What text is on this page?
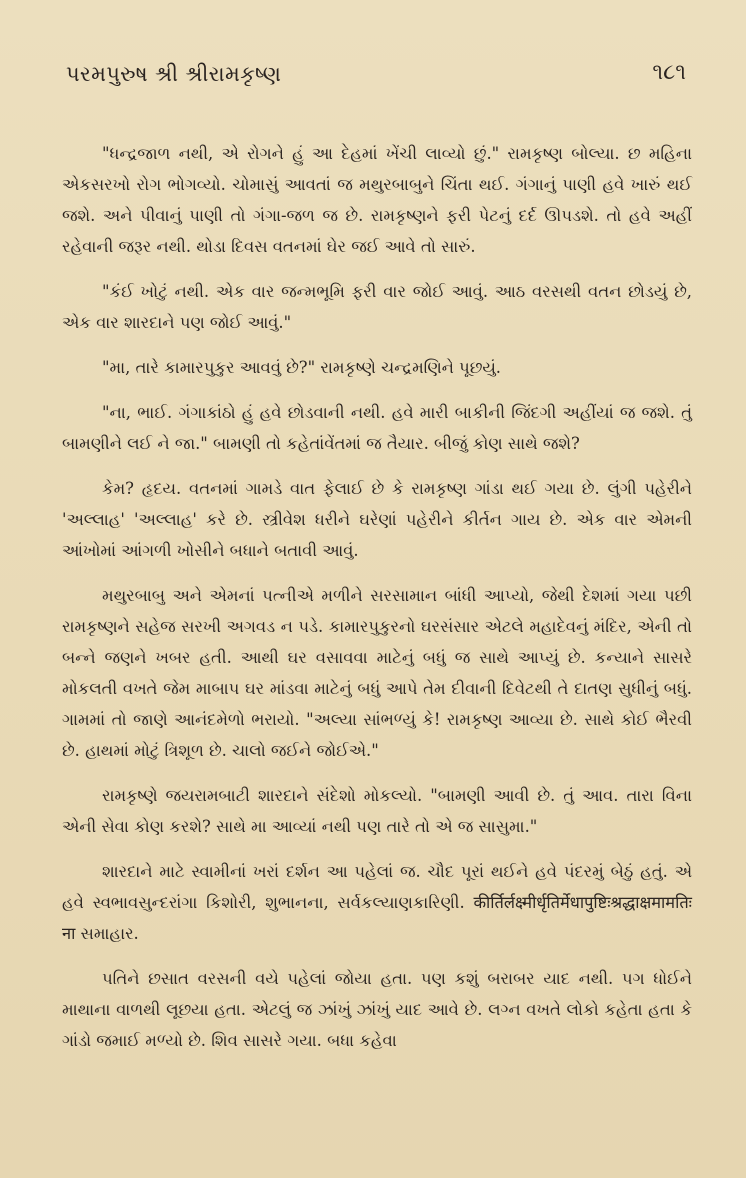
પરમપુરુષ શ્રી શ્રીરામકૃષ્ણ	૧૮૧

"ધન્દ્રજાળ નથી, એ રોગને હું આ દેહમાં ખેંચી લાવ્યો છું." રામકૃષ્ણ બોલ્યા. છ મહિના એકસરખો રોગ ભોગવ્યો. ચોમાસું આવતાં જ મથુરબાબુને ચિંતા થઈ. ગંગાનું પાણી હવે ખારું થઈ જશે. અને પીવાનું પાણી તો ગંગા-જળ જ છે. રામકૃષ્ણને ફરી પેટનું દર્દ ઊપડશે. તો હવે અહીં રહેવાની જરૂર નથી. થોડા દિવસ વતનમાં ઘેર જઈ આવે તો સારું.

"કંઈ ખોટું નથી. એક વાર જન્મભૂમિ ફરી વાર જોઈ આવું. આઠ વરસથી વતન છોડયું છે, એક વાર શારદાને પણ જોઈ આવું."

"મા, તારે કામારપુકુર આવવું છે?" રામકૃષ્ણે ચન્દ્રમણિને પૂછયું.

"ના, ભાઈ. ગંગાકાંઠો હું હવે છોડવાની નથી. હવે મારી બાકીની જિંદગી અહીંયાં જ જશે. તું બામણીને લઈ ને જા." બામણી તો કહેતાંવેંતમાં જ તૈયાર. બીજું કોણ સાથે જશે?

કેમ? હૃદય. વતનમાં ગામડે વાત ફેલાઈ છે કે રામકૃષ્ણ ગાંડા થઈ ગયા છે. લુંગી પહેરીને 'અલ્લાહ' 'અલ્લાહ' કરે છે. સ્ત્રીવેશ ધરીને ઘરેણાં પહેરીને કીર્તન ગાય છે. એક વાર એમની આંખોમાં આંગળી ખોસીને બધાને બતાવી આવું.

મથુરબાબુ અને એમનાં પત્નીએ મળીને સરસામાન બાંધી આપ્યો, જેથી દેશમાં ગયા પછી રામકૃષ્ણને સહેજ સરખી અગવડ ન પડે. કામારપુકુરનો ઘરસંસાર એટલે મહાદેવનું મંદિર, એની તો બન્ને જણને ખબર હતી. આથી ઘર વસાવવા માટેનું બધું જ સાથે આપ્યું છે. કન્યાને સાસરે મોકલતી વખતે જેમ માબાપ ઘર માંડવા માટેનું બધું આપે તેમ દીવાની દિવેટથી તે દાતણ સુધીનું બધું. ગામમાં તો જાણે આનંદમેળો ભરાયો. "અલ્યા સાંભળ્યું કે! રામકૃષ્ણ આવ્યા છે. સાથે કોઈ ભૈરવી છે. હાથમાં મોટું ત્રિશૂળ છે. ચાલો જઈને જોઈએ."

રામકૃષ્ણે જયરામબાટી શારદાને સંદેશો મોકલ્યો. "બામણી આવી છે. તું આવ. તારા વિના એની સેવા કોણ કરશે? સાથે મા આવ્યાં નથી પણ તારે તો એ જ સાસુમા."

શારદાને માટે સ્વામીનાં ખરાં દર્શન આ પહેલાં જ. ચૌદ પૂરાં થઈને હવે પંદરમું બેઠું હતું. એ હવે સ્વભાવસુન્દરાંગા કિશોરી, શુભાનના, સર્વકલ્યાણકારિણી. कीर्तिर्लक्ष्मीर्धृतिर्मेधापुष्टिःश्रद्धाक्षमामतिः ना સમાહાર.

પતિને છસાત વરસની વયે પહેલાં જોયા હતા. પણ કશું બરાબર યાદ નથી. પગ ધોઈને માથાના વાળથી લૂછયા હતા. એટલું જ ઝાંખું ઝાંખું યાદ આવે છે. લગ્ન વખતે લોકો કહેતા હતા કે ગાંડો જમાઈ મળ્યો છે. શિવ સાસરે ગયા. બધા કહેવા
